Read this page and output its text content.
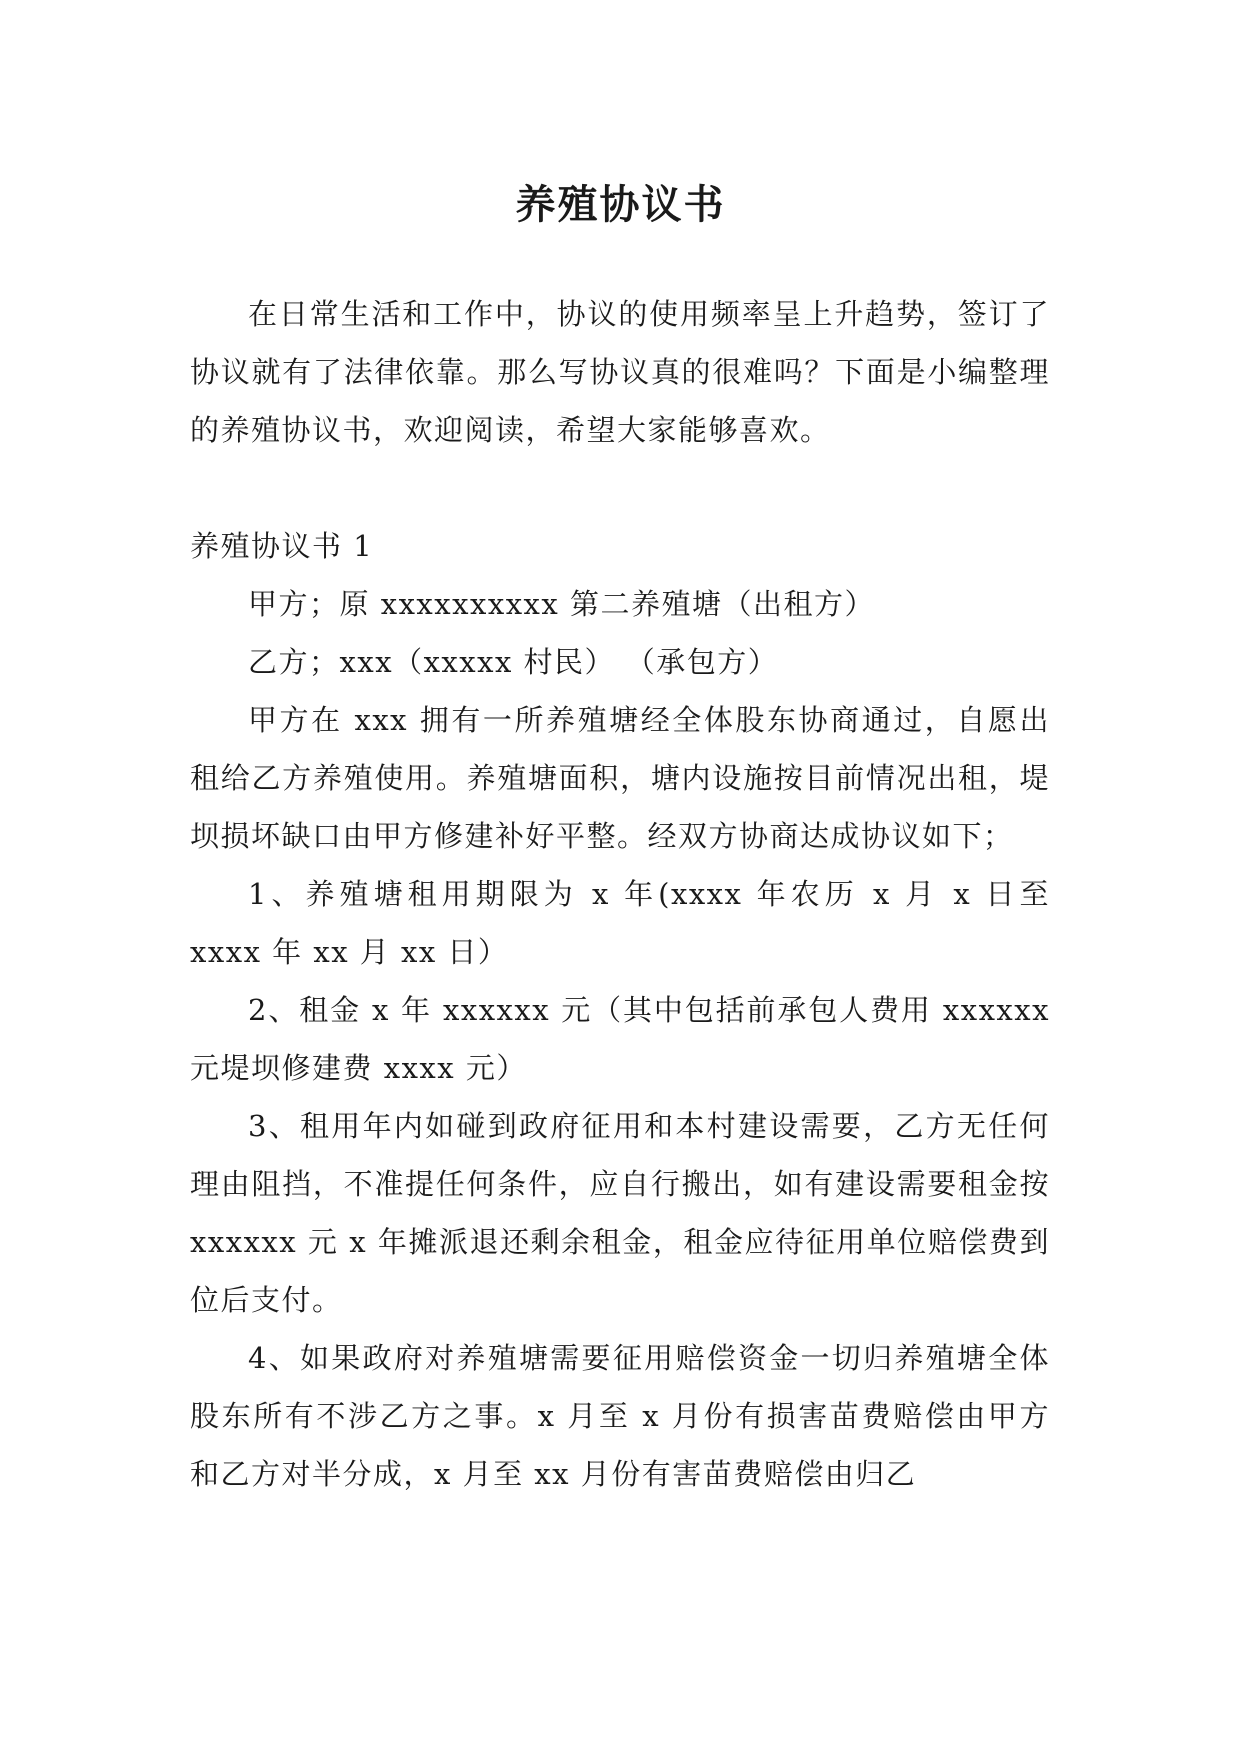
养殖协议书

在日常生活和工作中，协议的使用频率呈上升趋势，签订了协议就有了法律依靠。那么写协议真的很难吗？下面是小编整理的养殖协议书，欢迎阅读，希望大家能够喜欢。

养殖协议书 1

甲方；原 xxxxxxxxxx 第二养殖塘（出租方）

乙方；xxx（xxxxx 村民） （承包方）

甲方在 xxx 拥有一所养殖塘经全体股东协商通过，自愿出租给乙方养殖使用。养殖塘面积，塘内设施按目前情况出租，堤坝损坏缺口由甲方修建补好平整。经双方协商达成协议如下；

1、养殖塘租用期限为 x 年(xxxx 年农历 x 月 x 日至 xxxx 年 xx 月 xx 日）

2、租金 x 年 xxxxxx 元（其中包括前承包人费用 xxxxxx 元堤坝修建费 xxxx 元）

3、租用年内如碰到政府征用和本村建设需要，乙方无任何理由阻挡，不准提任何条件，应自行搬出，如有建设需要租金按 xxxxxx 元 x 年摊派退还剩余租金，租金应待征用单位赔偿费到位后支付。

4、如果政府对养殖塘需要征用赔偿资金一切归养殖塘全体股东所有不涉乙方之事。x 月至 x 月份有损害苗费赔偿由甲方和乙方对半分成，x 月至 xx 月份有害苗费赔偿由归乙
